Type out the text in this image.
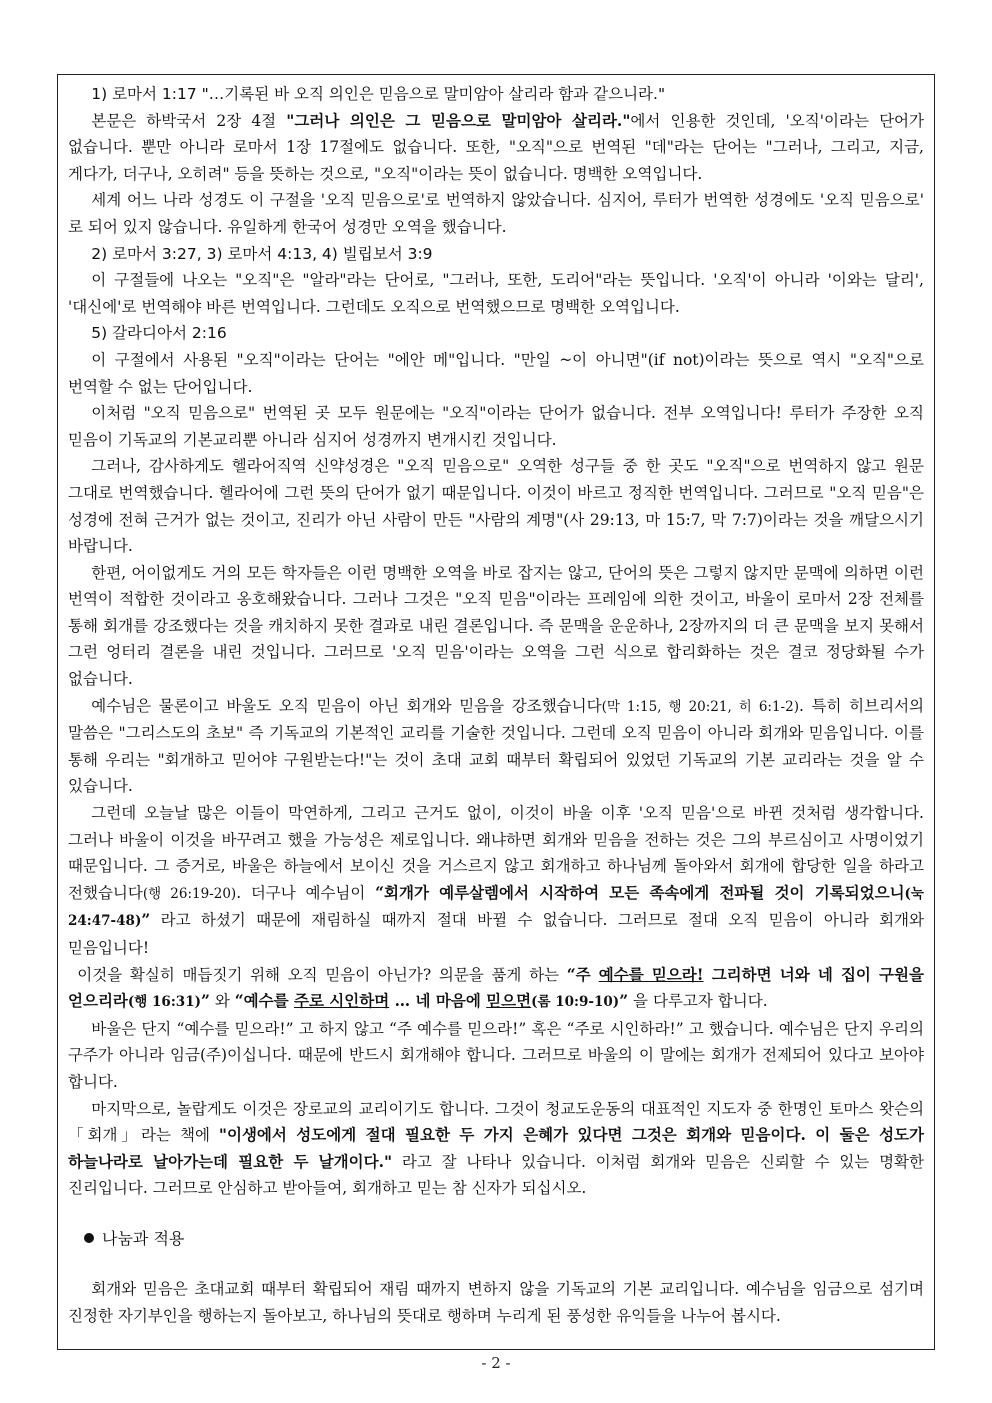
1) 로마서 1:17 "…기록된 바 오직 의인은 믿음으로 말미암아 살리라 함과 같으니라."

본문은 하박국서 2장 4절 "그러나 의인은 그 믿음으로 말미암아 살리라."에서 인용한 것인데, '오직'이라는 단어가 없습니다. 뿐만 아니라 로마서 1장 17절에도 없습니다. 또한, "오직"으로 번역된 "데"라는 단어는 "그러나, 그리고, 지금, 게다가, 더구나, 오히려" 등을 뜻하는 것으로, "오직"이라는 뜻이 없습니다. 명백한 오역입니다.

세계 어느 나라 성경도 이 구절을 '오직 믿음으로'로 번역하지 않았습니다. 심지어, 루터가 번역한 성경에도 '오직 믿음으로' 로 되어 있지 않습니다. 유일하게 한국어 성경만 오역을 했습니다.

2) 로마서 3:27, 3) 로마서 4:13, 4) 빌립보서 3:9

이 구절들에 나오는 "오직"은 "알라"라는 단어로, "그러나, 또한, 도리어"라는 뜻입니다. '오직'이 아니라 '이와는 달리', '대신에'로 번역해야 바른 번역입니다. 그런데도 오직으로 번역했으므로 명백한 오역입니다.

5) 갈라디아서 2:16

이 구절에서 사용된 "오직"이라는 단어는 "에안 메"입니다. "만일 ~이 아니면"(if not)이라는 뜻으로 역시 "오직"으로 번역할 수 없는 단어입니다.

이처럼 "오직 믿음으로" 번역된 곳 모두 원문에는 "오직"이라는 단어가 없습니다. 전부 오역입니다! 루터가 주장한 오직 믿음이 기독교의 기본교리뿐 아니라 심지어 성경까지 변개시킨 것입니다.

그러나, 감사하게도 헬라어직역 신약성경은 "오직 믿음으로" 오역한 성구들 중 한 곳도 "오직"으로 번역하지 않고 원문 그대로 번역했습니다. 헬라어에 그런 뜻의 단어가 없기 때문입니다. 이것이 바르고 정직한 번역입니다. 그러므로 "오직 믿음"은 성경에 전혀 근거가 없는 것이고, 진리가 아닌 사람이 만든 "사람의 계명"(사 29:13, 마 15:7, 막 7:7)이라는 것을 깨달으시기 바랍니다.

한편, 어이없게도 거의 모든 학자들은 이런 명백한 오역을 바로 잡지는 않고, 단어의 뜻은 그렇지 않지만 문맥에 의하면 이런 번역이 적합한 것이라고 옹호해왔습니다. 그러나 그것은 "오직 믿음"이라는 프레임에 의한 것이고, 바울이 로마서 2장 전체를 통해 회개를 강조했다는 것을 캐치하지 못한 결과로 내린 결론입니다. 즉 문맥을 운운하나, 2장까지의 더 큰 문맥을 보지 못해서 그런 엉터리 결론을 내린 것입니다. 그러므로 '오직 믿음'이라는 오역을 그런 식으로 합리화하는 것은 결코 정당화될 수가 없습니다.

예수님은 물론이고 바울도 오직 믿음이 아닌 회개와 믿음을 강조했습니다(막 1:15, 행 20:21, 히 6:1-2). 특히 히브리서의 말씀은 "그리스도의 초보" 즉 기독교의 기본적인 교리를 기술한 것입니다. 그런데 오직 믿음이 아니라 회개와 믿음입니다. 이를 통해 우리는 "회개하고 믿어야 구원받는다!"는 것이 초대 교회 때부터 확립되어 있었던 기독교의 기본 교리라는 것을 알 수 있습니다.

그런데 오늘날 많은 이들이 막연하게, 그리고 근거도 없이, 이것이 바울 이후 '오직 믿음'으로 바뀐 것처럼 생각합니다. 그러나 바울이 이것을 바꾸려고 했을 가능성은 제로입니다. 왜냐하면 회개와 믿음을 전하는 것은 그의 부르심이고 사명이었기 때문입니다. 그 증거로, 바울은 하늘에서 보이신 것을 거스르지 않고 회개하고 하나님께 돌아와서 회개에 합당한 일을 하라고 전했습니다(행 26:19-20). 더구나 예수님이 “회개가 예루살렘에서 시작하여 모든 족속에게 전파될 것이 기록되었으니(눅 24:47-48)” 라고 하셨기 때문에 재림하실 때까지 절대 바뀔 수 없습니다. 그러므로 절대 오직 믿음이 아니라 회개와 믿음입니다!

이것을 확실히 매듭짓기 위해 오직 믿음이 아닌가? 의문을 품게 하는 “주 예수를 믿으라! 그리하면 너와 네 집이 구원을 얻으리라(행 16:31)” 와 “예수를 주로 시인하며 … 네 마음에 믿으면(롬 10:9-10)” 을 다루고자 합니다.

바울은 단지 “예수를 믿으라!” 고 하지 않고 “주 예수를 믿으라!” 혹은 “주로 시인하라!” 고 했습니다. 예수님은 단지 우리의 구주가 아니라 임금(주)이십니다. 때문에 반드시 회개해야 합니다. 그러므로 바울의 이 말에는 회개가 전제되어 있다고 보아야 합니다.

마지막으로, 놀랍게도 이것은 장로교의 교리이기도 합니다. 그것이 청교도운동의 대표적인 지도자 중 한명인 토마스 왓슨의「회개」라는 책에 "이생에서 성도에게 절대 필요한 두 가지 은혜가 있다면 그것은 회개와 믿음이다. 이 둘은 성도가 하늘나라로 날아가는데 필요한 두 날개이다." 라고 잘 나타나 있습니다. 이처럼 회개와 믿음은 신뢰할 수 있는 명확한 진리입니다. 그러므로 안심하고 받아들여, 회개하고 믿는 참 신자가 되십시오.

나눔과 적용

회개와 믿음은 초대교회 때부터 확립되어 재림 때까지 변하지 않을 기독교의 기본 교리입니다. 예수님을 임금으로 섬기며 진정한 자기부인을 행하는지 돌아보고, 하나님의 뜻대로 행하며 누리게 된 풍성한 유익들을 나누어 봅시다.

- 2 -
